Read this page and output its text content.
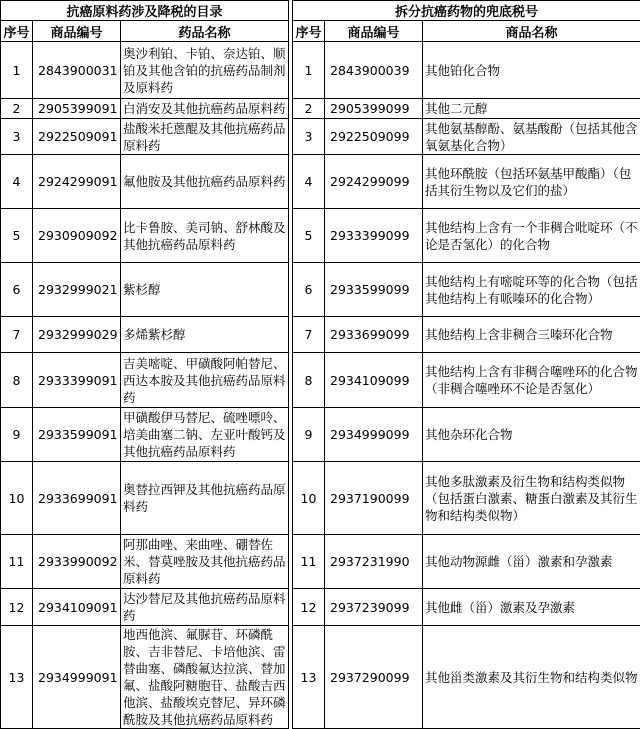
抗癌原料药涉及降税的目录				拆分抗癌药物的兜底税号		
序号	商品编号	药品名称		序号	商品编号	商品名称
1	2843900031	奥沙利铂、卡铂、奈达铂、顺铂及其他含铂的抗癌药品制剂及原料药		1	2843900039	其他铂化合物
2	2905399091	白消安及其他抗癌药品原料药		2	2905399099	其他二元醇
3	2922509091	盐酸米托蒽醌及其他抗癌药品原料药		3	2922509099	其他氨基醇酚、氨基酸酚（包括其他含氧氨基化合物）
4	2924299091	氟他胺及其他抗癌药品原料药		4	2924299099	其他环酰胺（包括环氨基甲酸酯）（包括其衍生物以及它们的盐）
5	2930909092	比卡鲁胺、美司钠、舒林酸及其他抗癌药品原料药		5	2933399099	其他结构上含有一个非稠合吡啶环（不论是否氢化）的化合物
6	2932999021	紫杉醇		6	2933599099	其他结构上有嘧啶环等的化合物（包括其他结构上有哌嗪环的化合物）
7	2932999029	多烯紫杉醇		7	2933699099	其他结构上含非稠合三嗪环化合物
8	2933399091	吉美嘧啶、甲磺酸阿帕替尼、西达本胺及其他抗癌药品原料药		8	2934109099	其他结构上含有非稠合噻唑环的化合物（非稠合噻唑环不论是否氢化）
9	2933599091	甲磺酸伊马替尼、硫唑嘌呤、培美曲塞二钠、左亚叶酸钙及其他抗癌药品原料药		9	2934999099	其他杂环化合物
10	2933699091	奥替拉西钾及其他抗癌药品原料药		10	2937190099	其他多肽激素及衍生物和结构类似物（包括蛋白激素、糖蛋白激素及其衍生物和结构类似物）
11	2933990092	阿那曲唑、来曲唑、硼替佐米、替莫唑胺及其他抗癌药品原料药		11	2937231990	其他动物源雌（甾）激素和孕激素
12	2934109091	达沙替尼及其他抗癌药品原料药		12	2937239099	其他雌（甾）激素及孕激素
13	2934999091	地西他滨、氟脲苷、环磷酰胺、吉非替尼、卡培他滨、雷替曲塞、磷酸氟达拉滨、替加氟、盐酸阿糖胞苷、盐酸吉西他滨、盐酸埃克替尼、异环磷酰胺及其他抗癌药品原料药		13	2937290099	其他甾类激素及其衍生物和结构类似物
